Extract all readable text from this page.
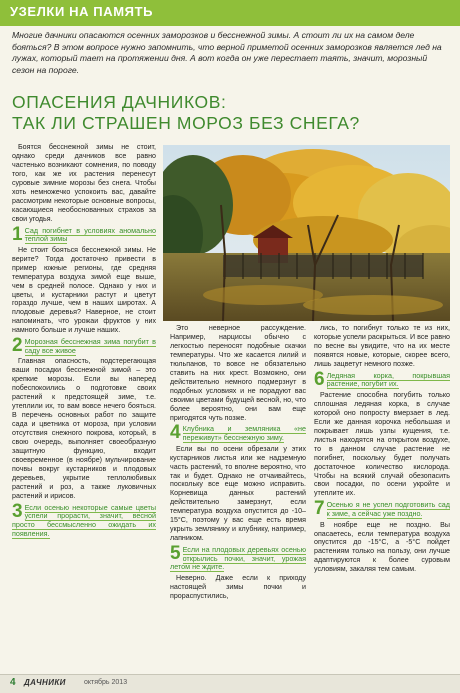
УЗЕЛКИ НА ПАМЯТЬ
Многие дачники опасаются осенних заморозков и бесснежной зимы. А стоит ли их на самом деле бояться? В этом вопросе нужно запомнить, что верной приметой осенних заморозков является лед на лужах, который тает на протяжении дня. А вот когда он уже перестает таять, значит, морозный сезон на пороге.
ОПАСЕНИЯ ДАЧНИКОВ:
ТАК ЛИ СТРАШЕН МОРОЗ БЕЗ СНЕГА?

Боятся бесснежной зимы не стоит, однако среди дачников все равно частенько возникают сомнения, по поводу того, как же их растения перенесут суровые зимние морозы без снега. Чтобы хоть немножечко успокоить вас, давайте рассмотрим некоторые основные вопросы, касающиеся необоснованных страхов за свои угодья.

1 Сад погибнет в условиях аномально теплой зимы

Не стоит бояться бесснежной зимы. Не верите? Тогда достаточно привести в пример южные регионы, где средняя температура воздуха зимой еще выше, чем в средней полосе. Однако у них и цветы, и кустарники растут и цветут гораздо лучше, чем в наших широтах. А плодовые деревья? Наверное, не стоит напоминать, что урожаи фруктов у них намного больше и лучше наших.

2 Морозная бесснежная зима погубит в саду все живое

Главная опасность, подстерегающая ваши посадки бесснежной зимой – это крепкие морозы. Если вы наперед побеспокоились о подготовке своих растений к предстоящей зиме, т.е. утеплили их, то вам вовсе нечего бояться. В перечень основных работ по защите сада и цветника от мороза, при условии отсутствия снежного покрова, который, в свою очередь, выполняет своеобразную защитную функцию, входит своевременное (в ноябре) мульчирование почвы вокруг кустарников и плодовых деревьев, укрытие теплолюбивых растений и роз, а также луковичных растений и ирисов.

3 Если осенью некоторые самые цветы успели прорасти, значит, весной просто бессмысленно ожидать их появления.

Это неверное рассуждение. Например, нарциссы обычно с легкостью переносят подобные скачки температуры. Что же касается лилий и тюльпанов, то вовсе не обязательно ставить на них крест. Возможно, они действительно немного подмерзнут в подобных условиях и не порадуют вас своими цветами будущей весной, но, что более вероятно, они вам еще пригодятся чуть позже.

4 Клубника и земляника «не переживут» бесснежную зиму.

Если вы по осени обрезали у этих кустарников листья или же надземную часть растений, то вполне вероятно, что так и будет. Однако не отчаивайтесь, поскольку все еще можно исправить. Корневища данных растений действительно замерзнут, если температура воздуха опустится до -10–15°С, поэтому у вас еще есть время укрыть землянику и клубнику, например, лапником.

5 Если на плодовых деревьях осенью открылись почки, значит, урожая летом не ждите.

Неверно. Даже если к приходу настоящей зимы почки и прораспустились,

лись, то погибнут только те из них, которые успели раскрыться. И все равно по весне вы увидите, что на их месте появятся новые, которые, скорее всего, лишь зацветут немного позже.

6 Ледяная корка, покрывшая растение, погубит их.

Растение способна погубить только сплошная ледяная корка, в случае которой оно попросту вмерзает в лед. Если же данная корочка небольшая и покрывает лишь узлы кущения, т.е. листья находятся на открытом воздухе, то в данном случае растение не погибнет, поскольку будет получать достаточное количество кислорода. Чтобы на всякий случай обезопасить свои посадки, по осени укройте и утеплите их.

7 Осенью я не успел подготовить сад к зиме, а сейчас уже поздно.

В ноябре еще не поздно. Вы опасаетесь, если температура воздуха опустится до -15°С, а -5°С пойдет растениям только на пользу, они лучше адаптируются к более суровым условиям, закаляя тем самым.

4 ДАЧНИКИ	октябрь 2013
